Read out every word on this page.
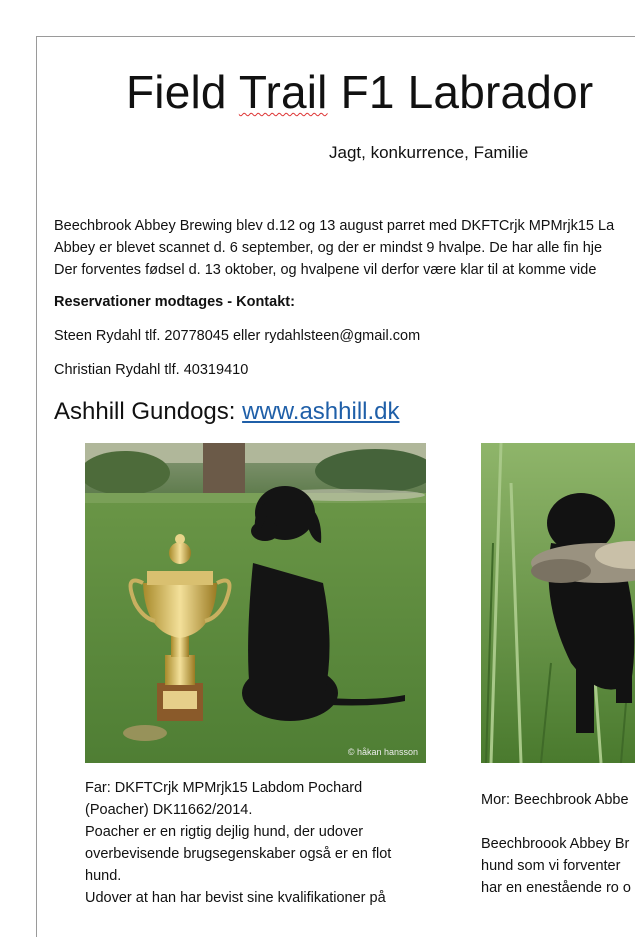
Field Trail F1 Labrador
Jagt, konkurrence, Familie
Beechbrook Abbey Brewing blev d.12 og 13 august parret med DKFTCrjk MPMrjk15 La
Abbey er blevet scannet d. 6 september, og der er mindst 9 hvalpe. De har alle fin hje
Der forventes fødsel d. 13 oktober, og hvalpene vil derfor være klar til at komme vide
Reservationer modtages - Kontakt:
Steen Rydahl tlf. 20778045 eller rydahlsteen@gmail.com
Christian Rydahl tlf. 40319410
Ashhill Gundogs: www.ashhill.dk
© håkan hansson
Far: DKFTCrjk MPMrjk15 Labdom Pochard
(Poacher) DK11662/2014.
Poacher er en rigtig dejlig hund, der udover
overbevisende brugsegenskaber også er en flot
hund.
Udover at han har bevist sine kvalifikationer på
Mor: Beechbrook Abbe

Beechbroook Abbey Br
hund som vi forventer
har en enestående ro o
